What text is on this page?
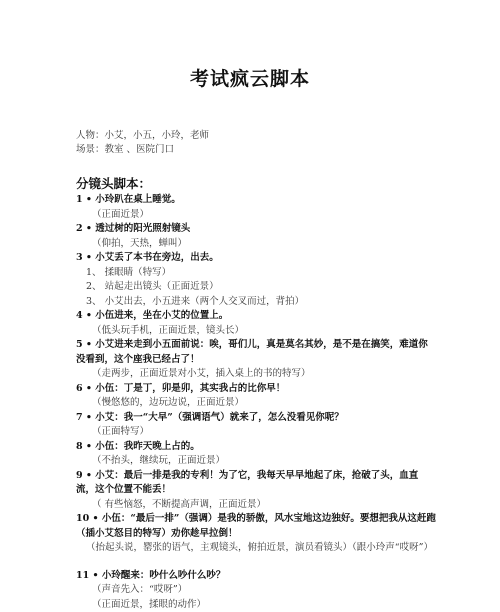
考试疯云脚本
人物：小艾，小五，小玲，老师
场景：教室 、医院门口
分镜头脚本：
1 • 小玲趴在桌上睡觉。
（正面近景）
2 • 透过树的阳光照射镜头
（仰拍，天热，蝉叫）
3 • 小艾丢了本书在旁边，出去。
1、 揉眼睛（特写）
2、 站起走出镜头（正面近景）
3、 小艾出去，小五进来（两个人交叉而过，背拍）
4 • 小伍进来，坐在小艾的位置上。
（低头玩手机，正面近景，镜头长）
5 • 小艾进来走到小五面前说：唉，哥们儿，真是莫名其妙，是不是在搞笑，难道你没看到，这个座我已经占了！
（走两步，正面近景对小艾，插入桌上的书的特写）
6 • 小伍：丁是丁，卯是卯，其实我占的比你早！
（慢悠悠的，边玩边说，正面近景）
7 • 小艾：我一“大早”（强调语气）就来了，怎么没看见你呢？
（正面特写）
8 • 小伍：我昨天晚上占的。
（不抬头，继续玩，正面近景）
9 • 小艾：最后一排是我的专利！为了它，我每天早早地起了床，抢破了头，血直流，这个位置不能丢！
（ 有些恼怒，不断提高声调，正面近景）
10 • 小伍：“最后一排”（强调）是我的骄傲，风水宝地这边独好。要想把我从这赶跑（插小艾怒目的特写）劝你趁早拉倒！
（抬起头说，罂张的语气，主观镜头，俯拍近景，演员看镜头）（跟小玲声“哎呀”）
11 • 小玲醒来：吵什么吵什么吵？
（声音先入：“哎呀”）
（正面近景，揉眼的动作）
